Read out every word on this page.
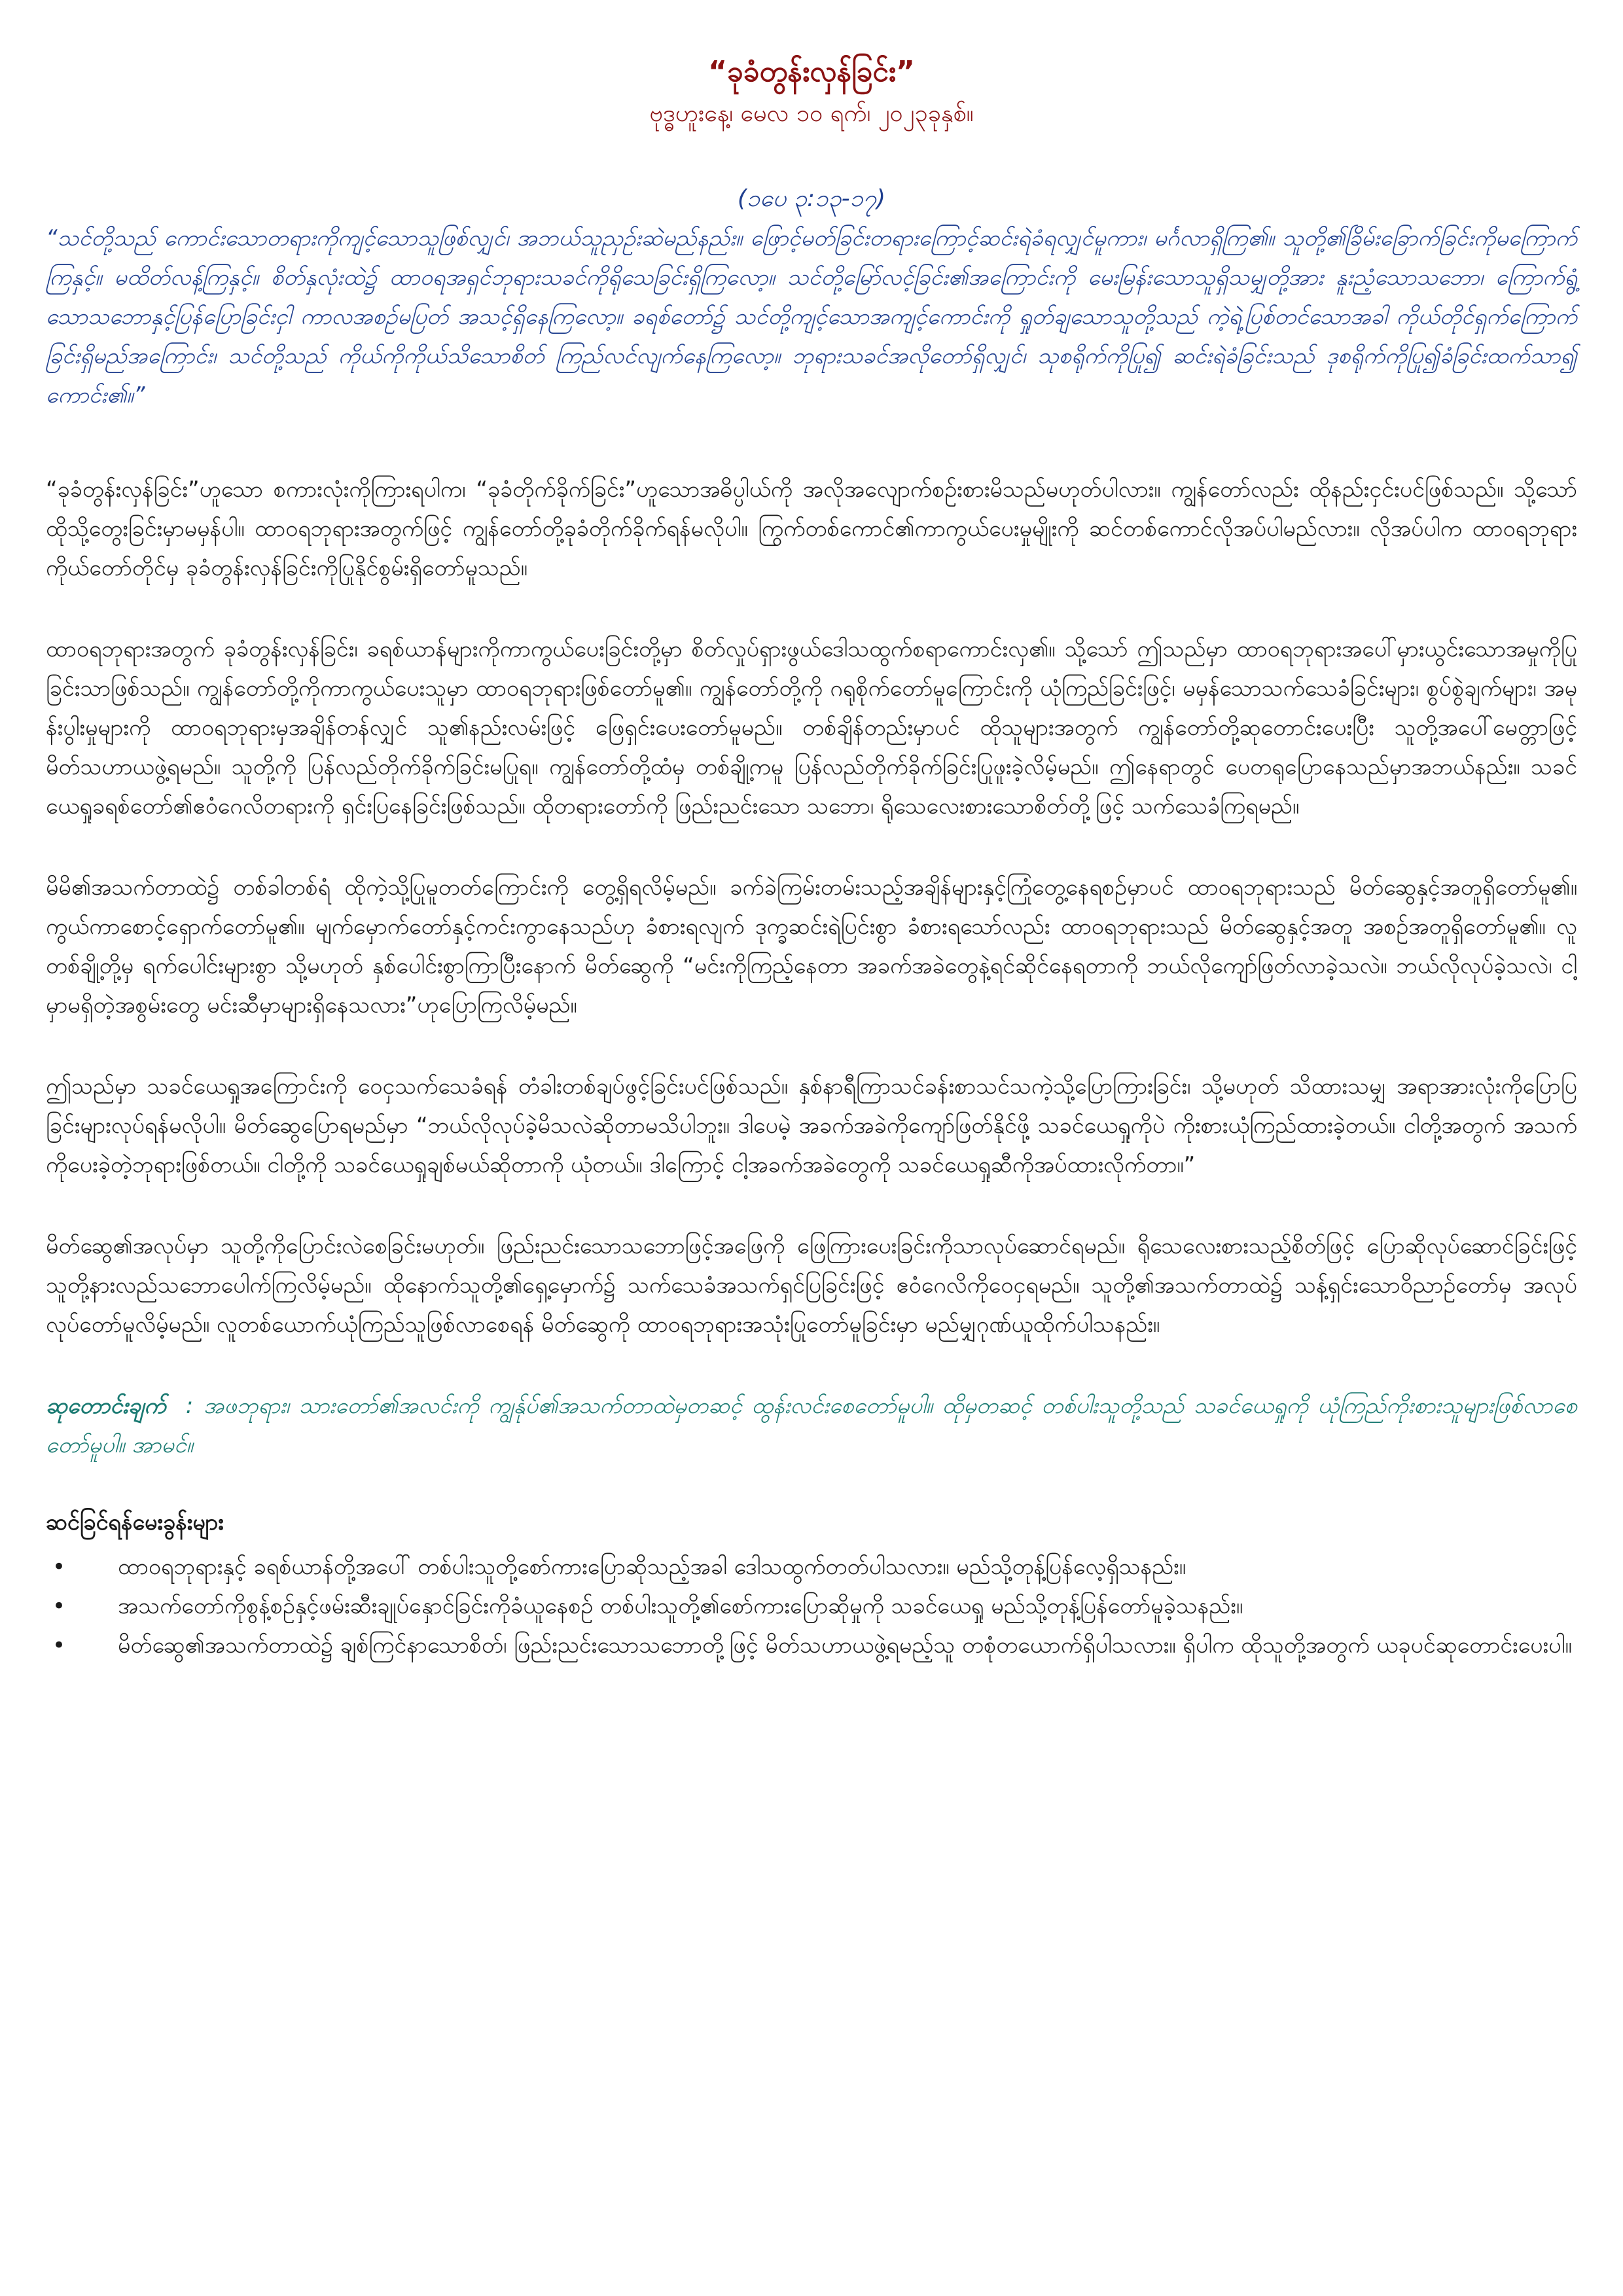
“ခုခံတွန်းလှန်ခြင်း”

ဗုဒ္ဓဟူးနေ့၊ မေလ ၁၀ ရက်၊ ၂၀၂၃ခုနှစ်။

(၁ပေ ၃:၁၃-၁၇)

“သင်တို့သည် ကောင်းသောတရားကိုကျင့်သောသူဖြစ်လျှင်၊ အဘယ်သူညှဉ်းဆဲမည်နည်း။ ဖြောင့်မတ်ခြင်းတရားကြောင့်ဆင်းရဲခံရလျှင်မူကား၊ မင်္ဂလာရှိကြ၏။ သူတို့၏ခြိမ်းခြောက်ခြင်းကိုမကြောက်ကြနှင့်။ မထိတ်လန့်ကြနှင့်။ စိတ်နှလုံးထဲ၌ ထာဝရအရှင်ဘုရားသခင်ကိုရိုသေခြင်းရှိကြလော့။ သင်တို့မြော်လင့်ခြင်း၏အကြောင်းကို မေးမြန်းသောသူရှိသမျှတို့အား နူးညံ့သောသဘော၊ ကြောက်ရွံ့သောသဘောနှင့်ပြန်ပြောခြင်းငှါ ကာလအစဉ်မပြတ် အသင့်ရှိနေကြလော့။ ခရစ်တော်၌ သင်တို့ကျင့်သောအကျင့်ကောင်းကို ရှုတ်ချသောသူတို့သည် ကဲ့ရဲ့ပြစ်တင်သောအခါ ကိုယ်တိုင်ရှက်ကြောက်ခြင်းရှိမည်အကြောင်း၊ သင်တို့သည် ကိုယ်ကိုကိုယ်သိသောစိတ် ကြည်လင်လျက်နေကြလော့။ ဘုရားသခင်အလိုတော်ရှိလျှင်၊ သုစရိုက်ကိုပြု၍ ဆင်းရဲခံခြင်းသည် ဒုစရိုက်ကိုပြု၍ခံခြင်းထက်သာ၍ ကောင်း၏။”

“ခုခံတွန်းလှန်ခြင်း”ဟူသော စကားလုံးကိုကြားရပါက၊ “ခုခံတိုက်ခိုက်ခြင်း”ဟူသောအဓိပ္ပါယ်ကို အလိုအလျောက်စဉ်းစားမိသည်မဟုတ်ပါလား။ ကျွန်တော်လည်း ထိုနည်းငှင်းပင်ဖြစ်သည်။ သို့သော် ထိုသို့တွေးခြင်းမှာမမှန်ပါ။ ထာဝရဘုရားအတွက်ဖြင့် ကျွန်တော်တို့ခုခံတိုက်ခိုက်ရန်မလိုပါ။ ကြွက်တစ်ကောင်၏ကာကွယ်ပေးမှုမျိုးကို ဆင်တစ်ကောင်လိုအပ်ပါမည်လား။ လိုအပ်ပါက ထာဝရဘုရားကိုယ်တော်တိုင်မှ ခုခံတွန်းလှန်ခြင်းကိုပြုနိုင်စွမ်းရှိတော်မူသည်။

ထာဝရဘုရားအတွက် ခုခံတွန်းလှန်ခြင်း၊ ခရစ်ယာန်များကိုကာကွယ်ပေးခြင်းတို့မှာ စိတ်လှုပ်ရှားဖွယ်ဒေါသထွက်စရာကောင်းလှ၏။ သို့သော် ဤသည်မှာ ထာဝရဘုရားအပေါ်မှားယွင်းသောအမှုကိုပြုခြင်းသာဖြစ်သည်။ ကျွန်တော်တို့ကိုကာကွယ်ပေးသူမှာ ထာဝရဘုရားဖြစ်တော်မူ၏။ ကျွန်တော်တို့ကို ဂရုစိုက်တော်မူကြောင်းကို ယုံကြည်ခြင်းဖြင့်၊ မမှန်သောသက်သေခံခြင်းများ၊ စွပ်စွဲချက်များ၊ အမုန်းပွါးမှုများကို ထာဝရဘုရားမှအချိန်တန်လျှင် သူ၏နည်းလမ်းဖြင့် ဖြေရှင်းပေးတော်မူမည်။ တစ်ချိန်တည်းမှာပင် ထိုသူများအတွက် ကျွန်တော်တို့ဆုတောင်းပေးပြီး သူတို့အပေါ်မေတ္တာဖြင့် မိတ်သဟာယဖွဲ့ရမည်။ သူတို့ကို ပြန်လည်တိုက်ခိုက်ခြင်းမပြုရ။ ကျွန်တော်တို့ထံမှ တစ်ချို့ကမူ ပြန်လည်တိုက်ခိုက်ခြင်းပြုဖူးခဲ့လိမ့်မည်။ ဤနေရာတွင် ပေတရုပြောနေသည်မှာအဘယ်နည်း။ သခင်ယေရှုခရစ်တော်၏ဧဝံဂေလိတရားကို ရှင်းပြနေခြင်းဖြစ်သည်။ ထိုတရားတော်ကို ဖြည်းညင်းသော သဘော၊ ရိုသေလေးစားသောစိတ်တို့ဖြင့် သက်သေခံကြရမည်။

မိမိ၏အသက်တာထဲ၌ တစ်ခါတစ်ရံ ထိုကဲ့သို့ပြုမူတတ်ကြောင်းကို တွေ့ရှိရလိမ့်မည်။ ခက်ခဲကြမ်းတမ်းသည့်အချိန်များနှင့်ကြုံတွေ့နေရစဉ်မှာပင် ထာဝရဘုရားသည် မိတ်ဆွေနှင့်အတူရှိတော်မူ၏။ ကွယ်ကာစောင့်ရှောက်တော်မူ၏။ မျက်မှောက်တော်နှင့်ကင်းကွာနေသည်ဟု ခံစားရလျက် ဒုက္ခဆင်းရဲပြင်းစွာ ခံစားရသော်လည်း ထာဝရဘုရားသည် မိတ်ဆွေနှင့်အတူ အစဉ်အတူရှိတော်မူ၏။ လူတစ်ချို့တို့မှ ရက်ပေါင်းများစွာ သို့မဟုတ် နှစ်ပေါင်းစွာကြာပြီးနောက် မိတ်ဆွေကို “မင်းကိုကြည့်နေတာ အခက်အခဲတွေနဲ့ရင်ဆိုင်နေရတာကို ဘယ်လိုကျော်ဖြတ်လာခဲ့သလဲ။ ဘယ်လိုလုပ်ခဲ့သလဲ၊ ငါ့မှာမရှိတဲ့အစွမ်းတွေ မင်းဆီမှာများရှိနေသလား”ဟုပြောကြလိမ့်မည်။

ဤသည်မှာ သခင်ယေရှုအကြောင်းကို ဝေငှသက်သေခံရန် တံခါးတစ်ချပ်ဖွင့်ခြင်းပင်ဖြစ်သည်။ နှစ်နာရီကြာသင်ခန်းစာသင်သကဲ့သို့ပြောကြားခြင်း၊ သို့မဟုတ် သိထားသမျှ အရာအားလုံးကိုပြောပြခြင်းများလုပ်ရန်မလိုပါ။ မိတ်ဆွေပြောရမည်မှာ “ဘယ်လိုလုပ်ခဲ့မိသလဲဆိုတာမသိပါဘူး။ ဒါပေမဲ့ အခက်အခဲကိုကျော်ဖြတ်နိုင်ဖို့ သခင်ယေရှုကိုပဲ ကိုးစားယုံကြည်ထားခဲ့တယ်။ ငါတို့အတွက် အသက်ကိုပေးခဲ့တဲ့ဘုရားဖြစ်တယ်။ ငါတို့ကို သခင်ယေရှုချစ်မယ်ဆိုတာကို ယုံတယ်။ ဒါကြောင့် ငါ့အခက်အခဲတွေကို သခင်ယေရှုဆီကိုအပ်ထားလိုက်တာ။”

မိတ်ဆွေ၏အလုပ်မှာ သူတို့ကိုပြောင်းလဲစေခြင်းမဟုတ်။ ဖြည်းညင်းသောသဘောဖြင့်အဖြေကို ဖြေကြားပေးခြင်းကိုသာလုပ်ဆောင်ရမည်။ ရိုသေလေးစားသည့်စိတ်ဖြင့် ပြောဆိုလုပ်ဆောင်ခြင်းဖြင့် သူတို့နားလည်သဘောပေါက်ကြလိမ့်မည်။ ထိုနောက်သူတို့၏ရှေ့မှောက်၌ သက်သေခံအသက်ရှင်ပြခြင်းဖြင့် ဧဝံဂေလိကိုဝေငှရမည်။ သူတို့၏အသက်တာထဲ၌ သန့်ရှင်းသောဝိညာဉ်တော်မှ အလုပ်လုပ်တော်မူလိမ့်မည်။ လူတစ်ယောက်ယုံကြည်သူဖြစ်လာစေရန် မိတ်ဆွေကို ထာဝရဘုရားအသုံးပြုတော်မူခြင်းမှာ မည်မျှဂုဏ်ယူထိုက်ပါသနည်း။

ဆုတောင်းချက် : အဖဘုရား၊ သားတော်၏အလင်းကို ကျွန်ုပ်၏အသက်တာထဲမှတဆင့် ထွန်းလင်းစေတော်မူပါ။ ထိုမှတဆင့် တစ်ပါးသူတို့သည် သခင်ယေရှုကို ယုံကြည်ကိုးစားသူများဖြစ်လာစေတော်မူပါ။ အာမင်။

ဆင်ခြင်ရန်မေးခွန်းများ

• ထာဝရဘုရားနှင့် ခရစ်ယာန်တို့အပေါ် တစ်ပါးသူတို့စော်ကားပြောဆိုသည့်အခါ ဒေါသထွက်တတ်ပါသလား။ မည်သို့တုန့်ပြန်လေ့ရှိသနည်း။
• အသက်တော်ကိုစွန့်စဉ်နှင့်ဖမ်းဆီးချုပ်နှောင်ခြင်းကိုခံယူနေစဉ် တစ်ပါးသူတို့၏စော်ကားပြောဆိုမှုကို သခင်ယေရှု မည်သို့တုန့်ပြန်တော်မူခဲ့သနည်း။
• မိတ်ဆွေ၏အသက်တာထဲ၌ ချစ်ကြင်နာသောစိတ်၊ ဖြည်းညင်းသောသဘောတို့ဖြင့် မိတ်သဟာယဖွဲ့ရမည့်သူ တစုံတယောက်ရှိပါသလား။ ရှိပါက ထိုသူတို့အတွက် ယခုပင်ဆုတောင်းပေးပါ။
